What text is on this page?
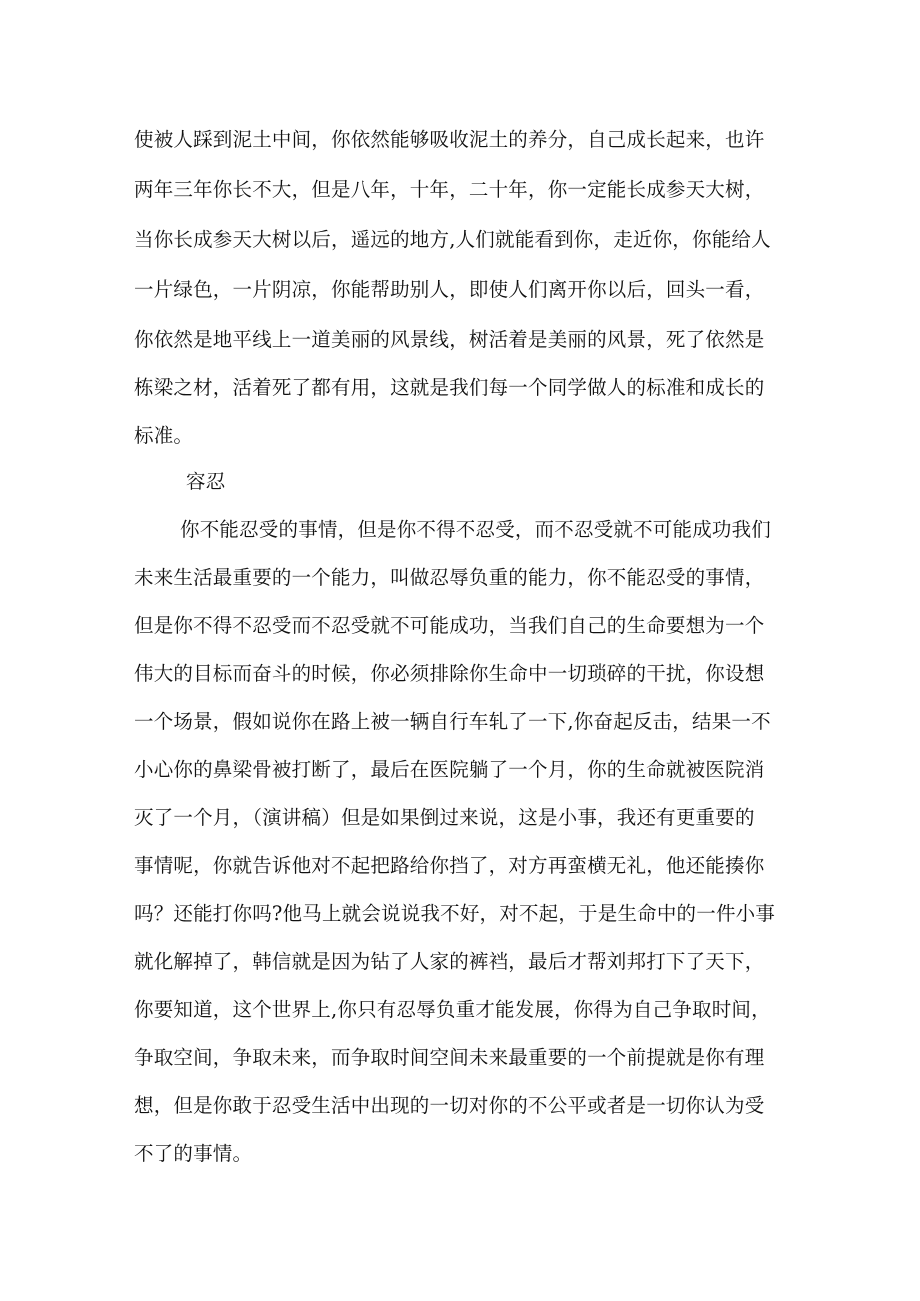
使被人踩到泥土中间，你依然能够吸收泥土的养分，自己成长起来，也许
两年三年你长不大，但是八年，十年，二十年，你一定能长成参天大树，
当你长成参天大树以后，遥远的地方,人们就能看到你，走近你，你能给人
一片绿色，一片阴凉，你能帮助别人，即使人们离开你以后，回头一看，
你依然是地平线上一道美丽的风景线，树活着是美丽的风景，死了依然是
栋梁之材，活着死了都有用，这就是我们每一个同学做人的标准和成长的
标准。
容忍
你不能忍受的事情，但是你不得不忍受，而不忍受就不可能成功我们
未来生活最重要的一个能力，叫做忍辱负重的能力，你不能忍受的事情，
但是你不得不忍受而不忍受就不可能成功，当我们自己的生命要想为一个
伟大的目标而奋斗的时候，你必须排除你生命中一切琐碎的干扰，你设想
一个场景，假如说你在路上被一辆自行车轧了一下,你奋起反击，结果一不
小心你的鼻梁骨被打断了，最后在医院躺了一个月，你的生命就被医院消
灭了一个月，（演讲稿）但是如果倒过来说，这是小事，我还有更重要的
事情呢，你就告诉他对不起把路给你挡了，对方再蛮横无礼，他还能揍你
吗？还能打你吗?他马上就会说说我不好，对不起，于是生命中的一件小事
就化解掉了，韩信就是因为钻了人家的裤裆，最后才帮刘邦打下了天下，
你要知道，这个世界上,你只有忍辱负重才能发展，你得为自己争取时间，
争取空间，争取未来，而争取时间空间未来最重要的一个前提就是你有理
想，但是你敢于忍受生活中出现的一切对你的不公平或者是一切你认为受
不了的事情。
